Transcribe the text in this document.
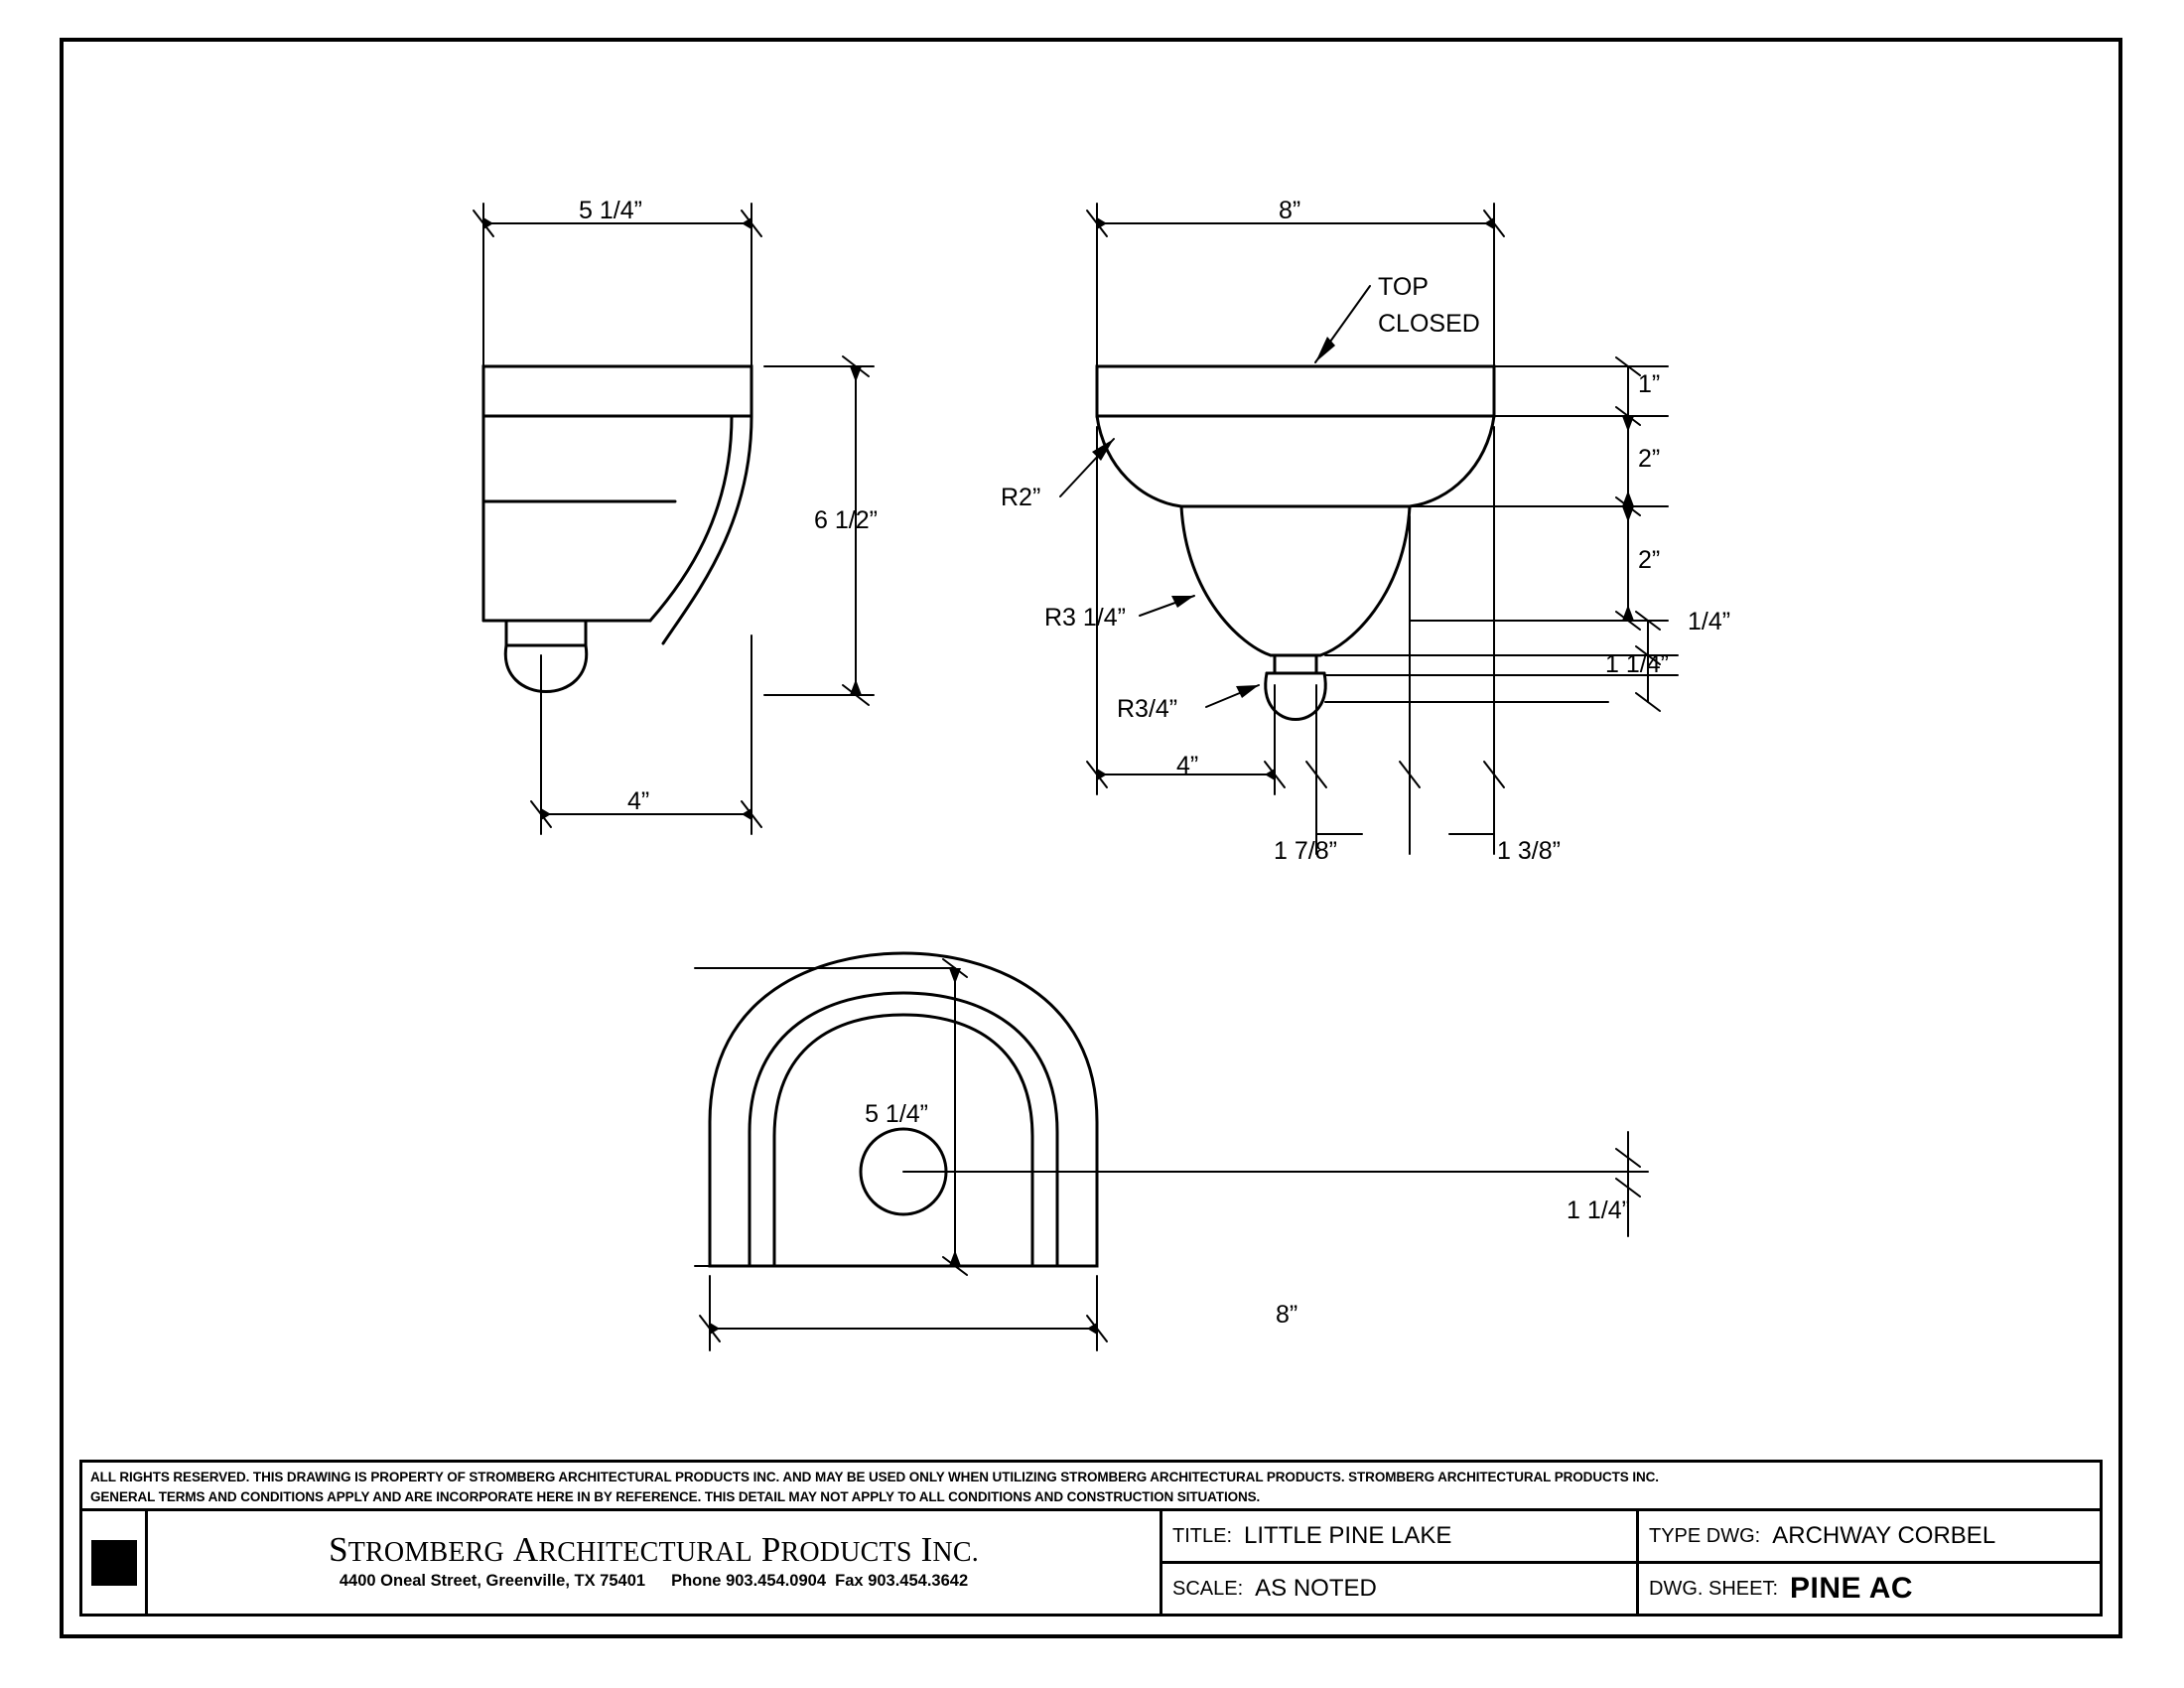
5 1/4”
6 1/2”
4”
8”
TOP
CLOSED
R2”
R3 1/4”
R3/4”
1”
2”
2”
1/4”
1 1/4”
4”
1 7/8”	1 3/8”
5 1/4”
8”
1 1/4”
ALL RIGHTS RESERVED. THIS DRAWING IS PROPERTY OF STROMBERG ARCHITECTURAL PRODUCTS INC. AND MAY BE USED ONLY WHEN UTILIZING STROMBERG ARCHITECTURAL PRODUCTS. STROMBERG ARCHITECTURAL PRODUCTS INC.
GENERAL TERMS AND CONDITIONS APPLY AND ARE INCORPORATE HERE IN BY REFERENCE. THIS DETAIL MAY NOT APPLY TO ALL CONDITIONS AND CONSTRUCTION SITUATIONS.
STROMBERG ARCHITECTURAL PRODUCTS INC.
4400 Oneal Street, Greenville, TX 75401 Phone 903.454.0904 Fax 903.454.3642
TITLE: LITTLE PINE LAKE
SCALE: AS NOTED
TYPE DWG: ARCHWAY CORBEL
DWG. SHEET: PINE AC
